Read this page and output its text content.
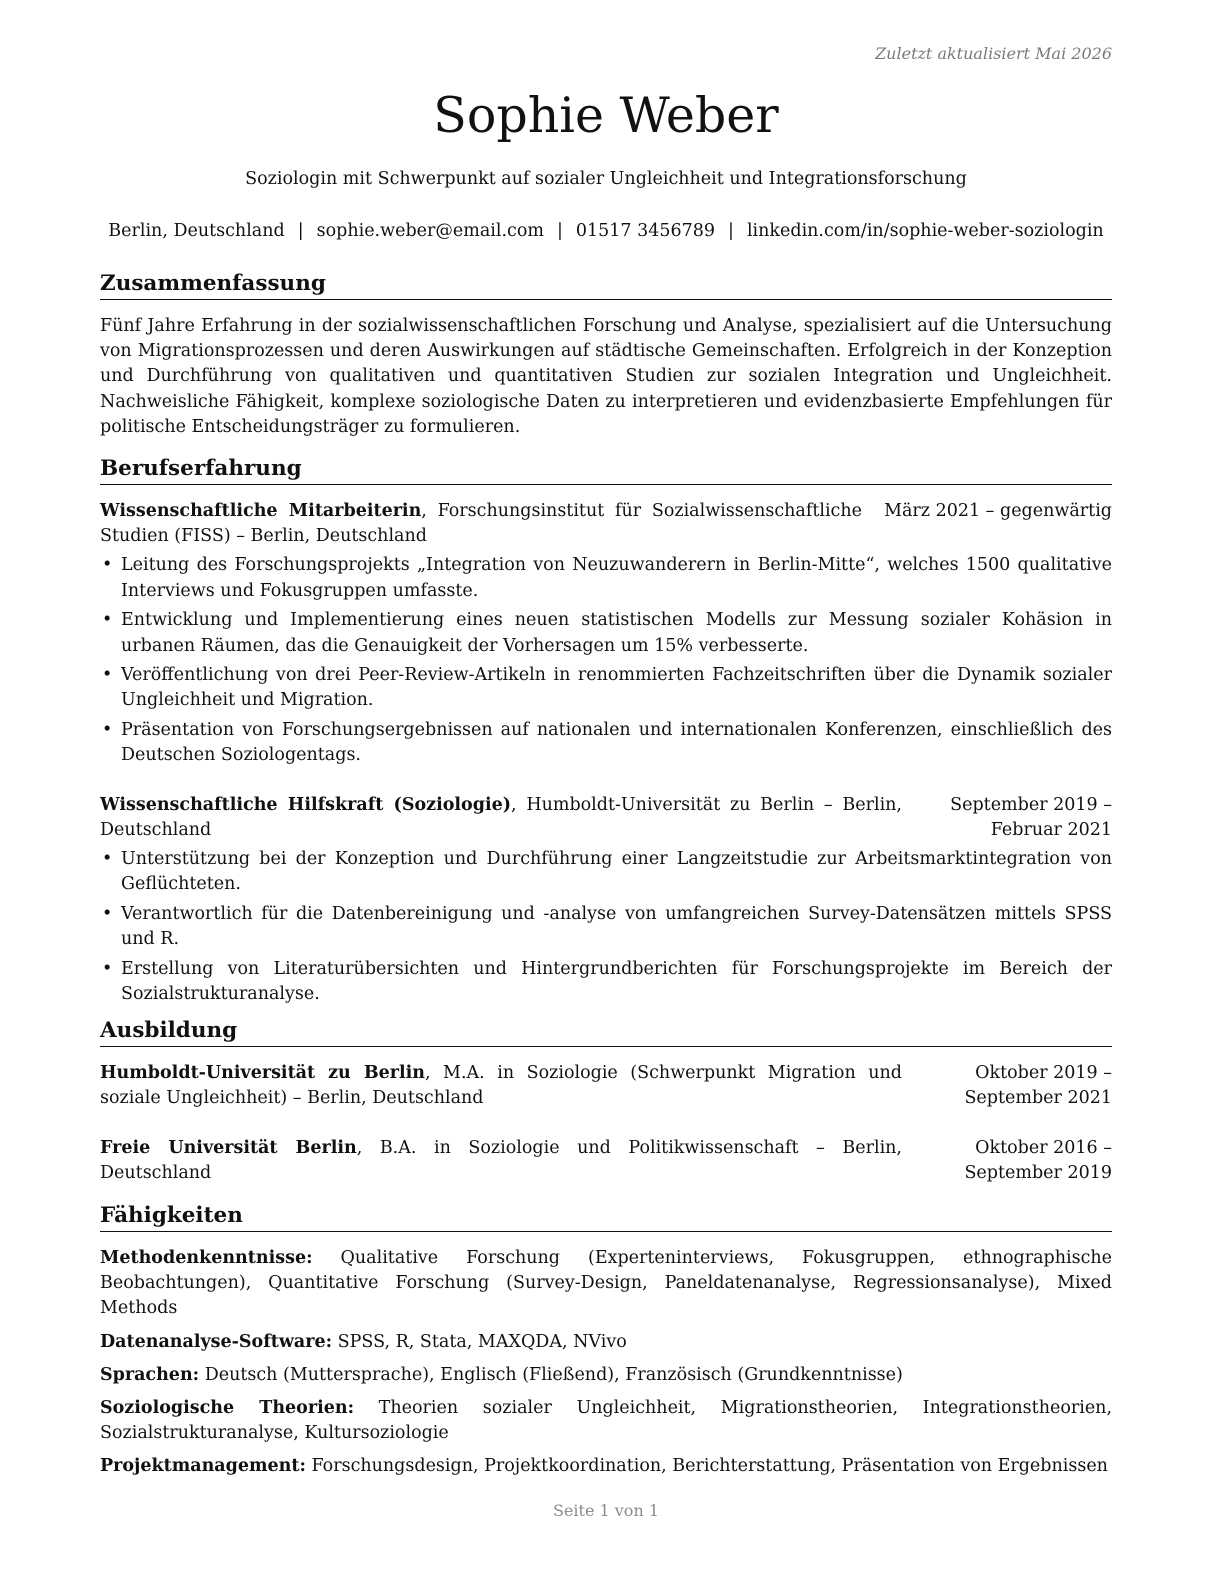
Zuletzt aktualisiert Mai 2026
Sophie Weber
Soziologin mit Schwerpunkt auf sozialer Ungleichheit und Integrationsforschung
Berlin, Deutschland | sophie.weber@email.com | 01517 3456789 | linkedin.com/in/sophie-weber-soziologin
Zusammenfassung
Fünf Jahre Erfahrung in der sozialwissenschaftlichen Forschung und Analyse, spezialisiert auf die Untersuchung von Migrationsprozessen und deren Auswirkungen auf städtische Gemeinschaften. Erfolgreich in der Konzeption und Durchführung von qualitativen und quantitativen Studien zur sozialen Integration und Ungleichheit. Nachweisliche Fähigkeit, komplexe soziologische Daten zu interpretieren und evidenzbasierte Empfehlungen für politische Entscheidungsträger zu formulieren.
Berufserfahrung
Wissenschaftliche Mitarbeiterin, Forschungsinstitut für Sozialwissenschaftliche Studien (FISS) – Berlin, Deutschland
März 2021 – gegenwärtig
• Leitung des Forschungsprojekts „Integration von Neuzuwanderern in Berlin-Mitte“, welches 1500 qualitative Interviews und Fokusgruppen umfasste.
• Entwicklung und Implementierung eines neuen statistischen Modells zur Messung sozialer Kohäsion in urbanen Räumen, das die Genauigkeit der Vorhersagen um 15% verbesserte.
• Veröffentlichung von drei Peer-Review-Artikeln in renommierten Fachzeitschriften über die Dynamik sozialer Ungleichheit und Migration.
• Präsentation von Forschungsergebnissen auf nationalen und internationalen Konferenzen, einschließlich des Deutschen Soziologentags.
Wissenschaftliche Hilfskraft (Soziologie), Humboldt-Universität zu Berlin – Berlin, Deutschland
September 2019 – Februar 2021
• Unterstützung bei der Konzeption und Durchführung einer Langzeitstudie zur Arbeitsmarktintegration von Geflüchteten.
• Verantwortlich für die Datenbereinigung und -analyse von umfangreichen Survey-Datensätzen mittels SPSS und R.
• Erstellung von Literaturübersichten und Hintergrundberichten für Forschungsprojekte im Bereich der Sozialstrukturanalyse.
Ausbildung
Humboldt-Universität zu Berlin, M.A. in Soziologie (Schwerpunkt Migration und soziale Ungleichheit) – Berlin, Deutschland
Oktober 2019 – September 2021
Freie Universität Berlin, B.A. in Soziologie und Politikwissenschaft – Berlin, Deutschland
Oktober 2016 – September 2019
Fähigkeiten
Methodenkenntnisse: Qualitative Forschung (Experteninterviews, Fokusgruppen, ethnographische Beobachtungen), Quantitative Forschung (Survey-Design, Paneldatenanalyse, Regressionsanalyse), Mixed Methods
Datenanalyse-Software: SPSS, R, Stata, MAXQDA, NVivo
Sprachen: Deutsch (Muttersprache), Englisch (Fließend), Französisch (Grundkenntnisse)
Soziologische Theorien: Theorien sozialer Ungleichheit, Migrationstheorien, Integrationstheorien, Sozialstrukturanalyse, Kultursoziologie
Projektmanagement: Forschungsdesign, Projektkoordination, Berichterstattung, Präsentation von Ergebnissen
Seite 1 von 1
